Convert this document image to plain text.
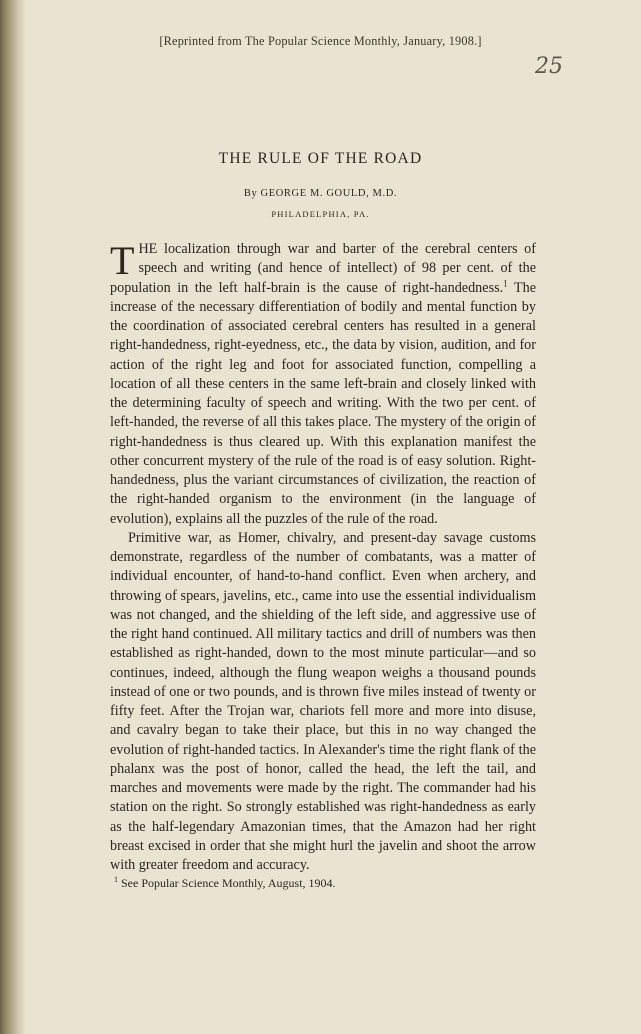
[Reprinted from The Popular Science Monthly, January, 1908.]
25
THE RULE OF THE ROAD
By GEORGE M. GOULD, M.D.
PHILADELPHIA, PA.

THE localization through war and barter of the cerebral centers of speech and writing (and hence of intellect) of 98 per cent. of the population in the left half-brain is the cause of right-handedness.$^1$ The increase of the necessary differentiation of bodily and mental function by the coordination of associated cerebral centers has resulted in a general right-handedness, right-eyedness, etc., the data by vision, audition, and for action of the right leg and foot for associated function, compelling a location of all these centers in the same left-brain and closely linked with the determining faculty of speech and writing. With the two per cent. of left-handed, the reverse of all this takes place. The mystery of the origin of right-handedness is thus cleared up. With this explanation manifest the other concurrent mystery of the rule of the road is of easy solution. Right-handedness, plus the variant circumstances of civilization, the reaction of the right-handed organism to the environment (in the language of evolution), explains all the puzzles of the rule of the road.

Primitive war, as Homer, chivalry, and present-day savage customs demonstrate, regardless of the number of combatants, was a matter of individual encounter, of hand-to-hand conflict. Even when archery, and throwing of spears, javelins, etc., came into use the essential individualism was not changed, and the shielding of the left side, and aggressive use of the right hand continued. All military tactics and drill of numbers was then established as right-handed, down to the most minute particular—and so continues, indeed, although the flung weapon weighs a thousand pounds instead of one or two pounds, and is thrown five miles instead of twenty or fifty feet. After the Trojan war, chariots fell more and more into disuse, and cavalry began to take their place, but this in no way changed the evolution of right-handed tactics. In Alexander's time the right flank of the phalanx was the post of honor, called the head, the left the tail, and marches and movements were made by the right. The commander had his station on the right. So strongly established was right-handedness as early as the half-legendary Amazonian times, that the Amazon had her right breast excised in order that she might hurl the javelin and shoot the arrow with greater freedom and accuracy.

$^1$ See Popular Science Monthly, August, 1904.
